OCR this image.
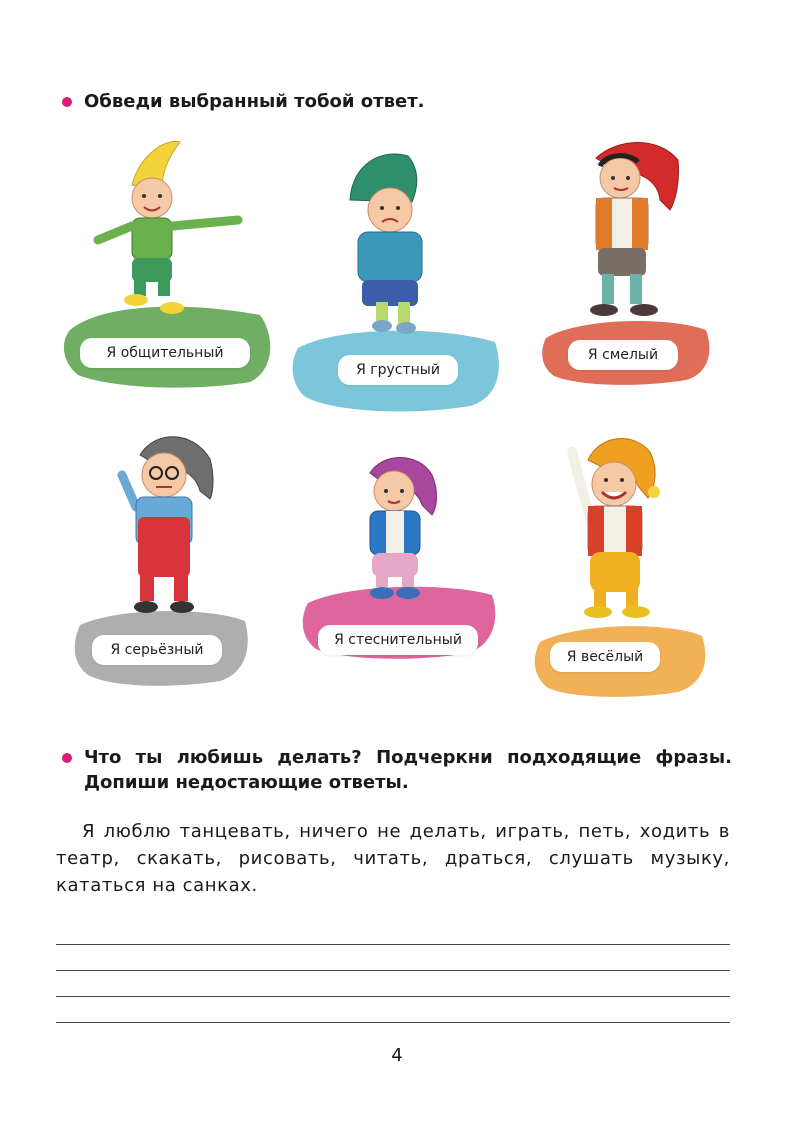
Обведи выбранный тобой ответ.
Я общительный
Я грустный
Я смелый
Я серьёзный
Я стеснительный
Я весёлый
Что ты любишь делать? Подчеркни подходящие фразы. Допиши недостающие ответы.
Я люблю танцевать, ничего не делать, играть, петь, ходить в театр, скакать, рисовать, читать, драться, слушать музыку, кататься на санках.
4
